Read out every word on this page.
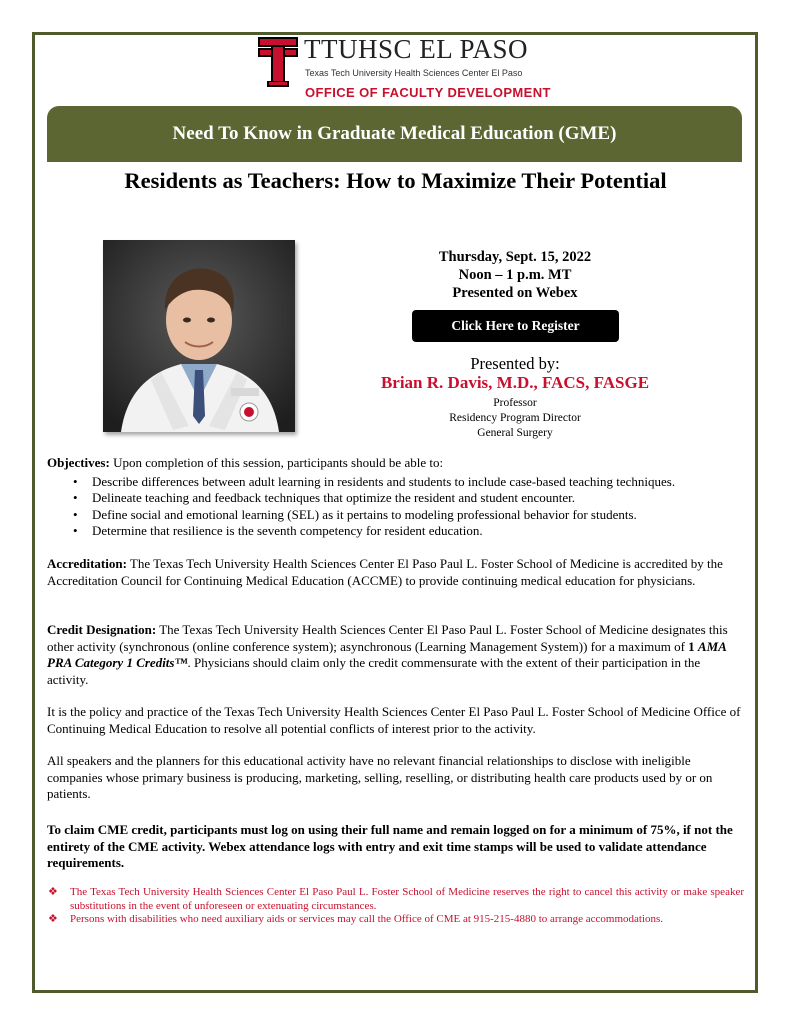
TTUHSC EL PASO
Texas Tech University Health Sciences Center El Paso
OFFICE OF FACULTY DEVELOPMENT
Need To Know in Graduate Medical Education (GME)
Residents as Teachers: How to Maximize Their Potential
Thursday, Sept. 15, 2022
Noon – 1 p.m. MT
Presented on Webex
Click Here to Register
Presented by:
Brian R. Davis, M.D., FACS, FASGE
Professor
Residency Program Director
General Surgery
Objectives: Upon completion of this session, participants should be able to:
• Describe differences between adult learning in residents and students to include case-based teaching techniques.
• Delineate teaching and feedback techniques that optimize the resident and student encounter.
• Define social and emotional learning (SEL) as it pertains to modeling professional behavior for students.
• Determine that resilience is the seventh competency for resident education.
Accreditation: The Texas Tech University Health Sciences Center El Paso Paul L. Foster School of Medicine is accredited by the Accreditation Council for Continuing Medical Education (ACCME) to provide continuing medical education for physicians.
Credit Designation: The Texas Tech University Health Sciences Center El Paso Paul L. Foster School of Medicine designates this other activity (synchronous (online conference system); asynchronous (Learning Management System)) for a maximum of 1 AMA PRA Category 1 Credits™. Physicians should claim only the credit commensurate with the extent of their participation in the activity.
It is the policy and practice of the Texas Tech University Health Sciences Center El Paso Paul L. Foster School of Medicine Office of Continuing Medical Education to resolve all potential conflicts of interest prior to the activity.
All speakers and the planners for this educational activity have no relevant financial relationships to disclose with ineligible companies whose primary business is producing, marketing, selling, reselling, or distributing health care products used by or on patients.
To claim CME credit, participants must log on using their full name and remain logged on for a minimum of 75%, if not the entirety of the CME activity. Webex attendance logs with entry and exit time stamps will be used to validate attendance requirements.
❖ The Texas Tech University Health Sciences Center El Paso Paul L. Foster School of Medicine reserves the right to cancel this activity or make speaker substitutions in the event of unforeseen or extenuating circumstances.
❖ Persons with disabilities who need auxiliary aids or services may call the Office of CME at 915-215-4880 to arrange accommodations.
